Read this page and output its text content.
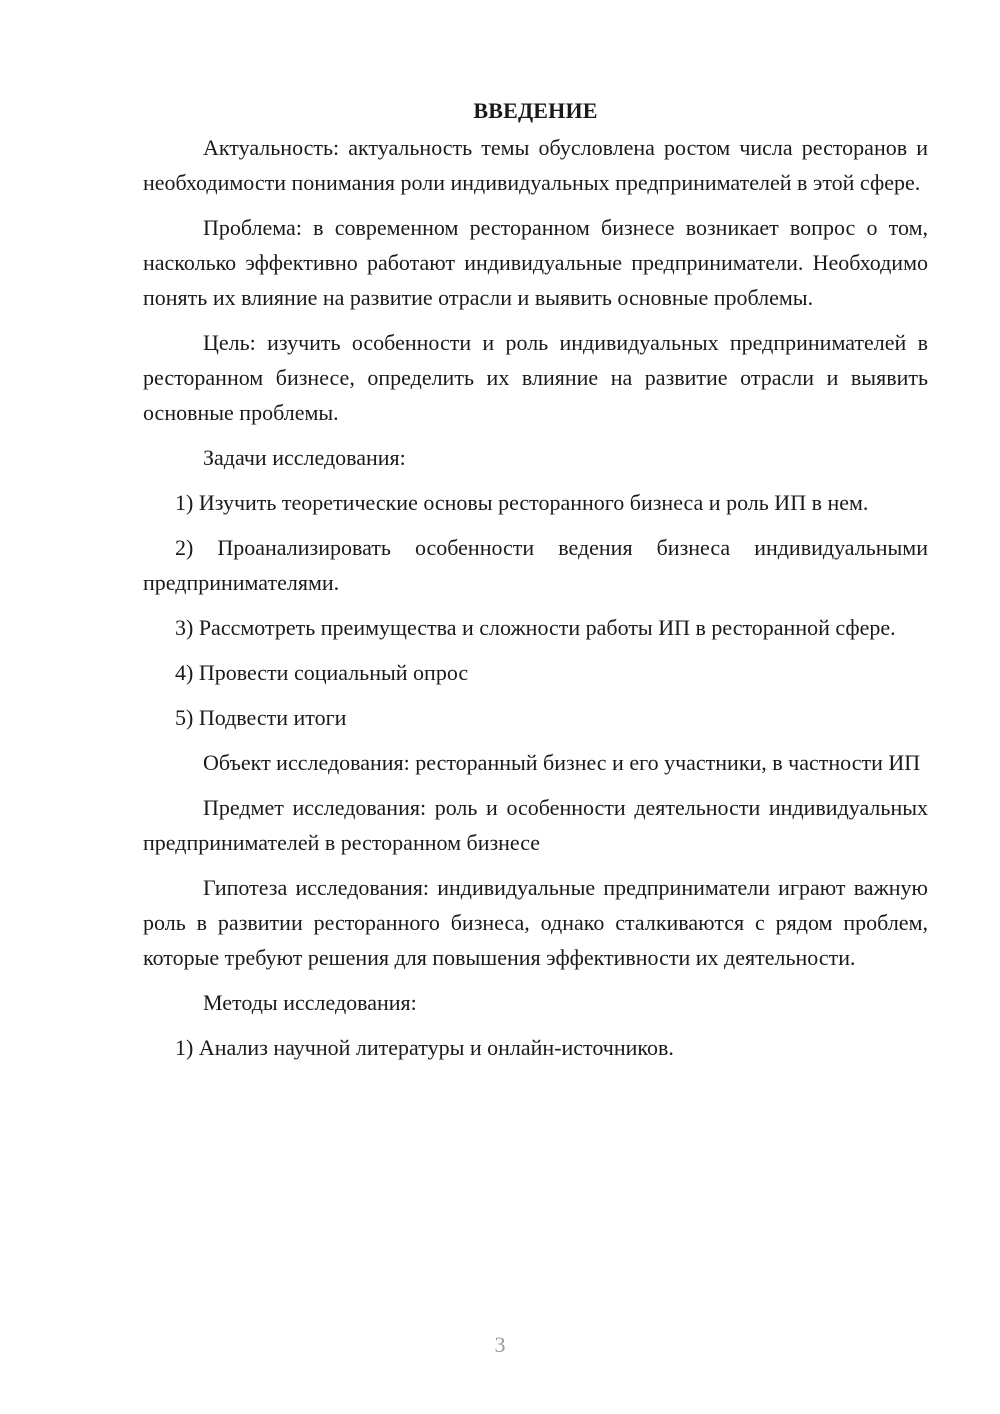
ВВЕДЕНИЕ

Актуальность: актуальность темы обусловлена ростом числа ресторанов и необходимости понимания роли индивидуальных предпринимателей в этой сфере.

Проблема: в современном ресторанном бизнесе возникает вопрос о том, насколько эффективно работают индивидуальные предприниматели. Необходимо понять их влияние на развитие отрасли и выявить основные проблемы.

Цель: изучить особенности и роль индивидуальных предпринимателей в ресторанном бизнесе, определить их влияние на развитие отрасли и выявить основные проблемы.

Задачи исследования:

1) Изучить теоретические основы ресторанного бизнеса и роль ИП в нем.

2) Проанализировать особенности ведения бизнеса индивидуальными предпринимателями.

3) Рассмотреть преимущества и сложности работы ИП в ресторанной сфере.

4) Провести социальный опрос

5) Подвести итоги

Объект исследования: ресторанный бизнес и его участники, в частности ИП

Предмет исследования: роль и особенности деятельности индивидуальных предпринимателей в ресторанном бизнесе

Гипотеза исследования: индивидуальные предприниматели играют важную роль в развитии ресторанного бизнеса, однако сталкиваются с рядом проблем, которые требуют решения для повышения эффективности их деятельности.

Методы исследования:

1) Анализ научной литературы и онлайн-источников.

3
